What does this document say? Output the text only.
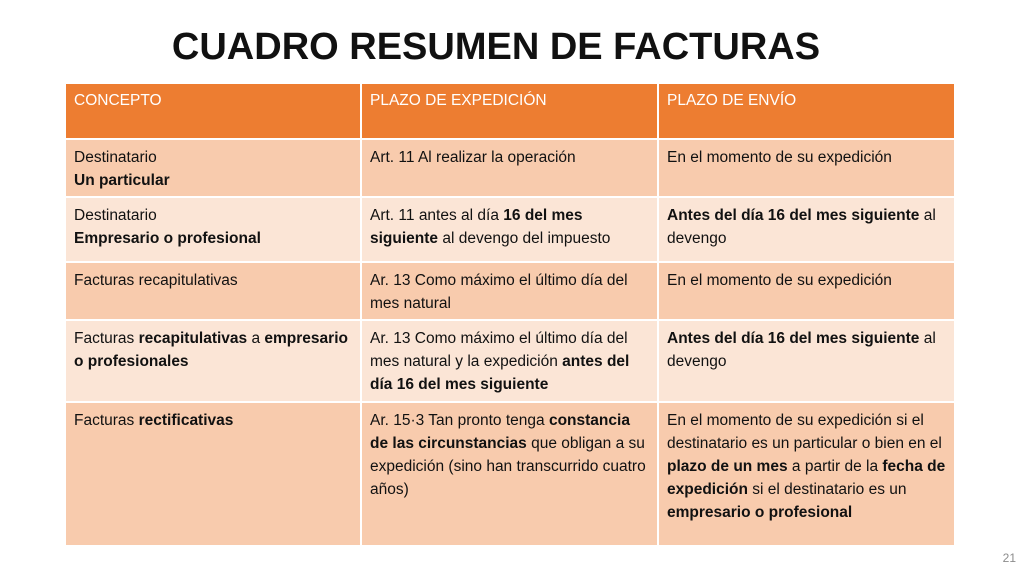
CUADRO RESUMEN DE FACTURAS
CONCEPTO	PLAZO DE EXPEDICIÓN	PLAZO DE ENVÍO
Destinatario
Un particular	Art. 11 Al realizar la operación	En el momento de su expedición
Destinatario
Empresario o profesional	Art. 11 antes al día 16 del mes siguiente al devengo del impuesto	Antes del día 16 del mes siguiente al devengo
Facturas recapitulativas	Ar. 13 Como máximo el último día del mes natural	En el momento de su expedición
Facturas recapitulativas a empresario o profesionales	Ar. 13 Como máximo el último día del mes natural y la expedición antes del día 16 del mes siguiente	Antes del día 16 del mes siguiente al devengo
Facturas rectificativas	Ar. 15·3 Tan pronto tenga constancia de las circunstancias que obligan a su expedición (sino han transcurrido cuatro años)	En el momento de su expedición si el destinatario es un particular o bien en el plazo de un mes a partir de la fecha de expedición si el destinatario es un empresario o profesional
21
